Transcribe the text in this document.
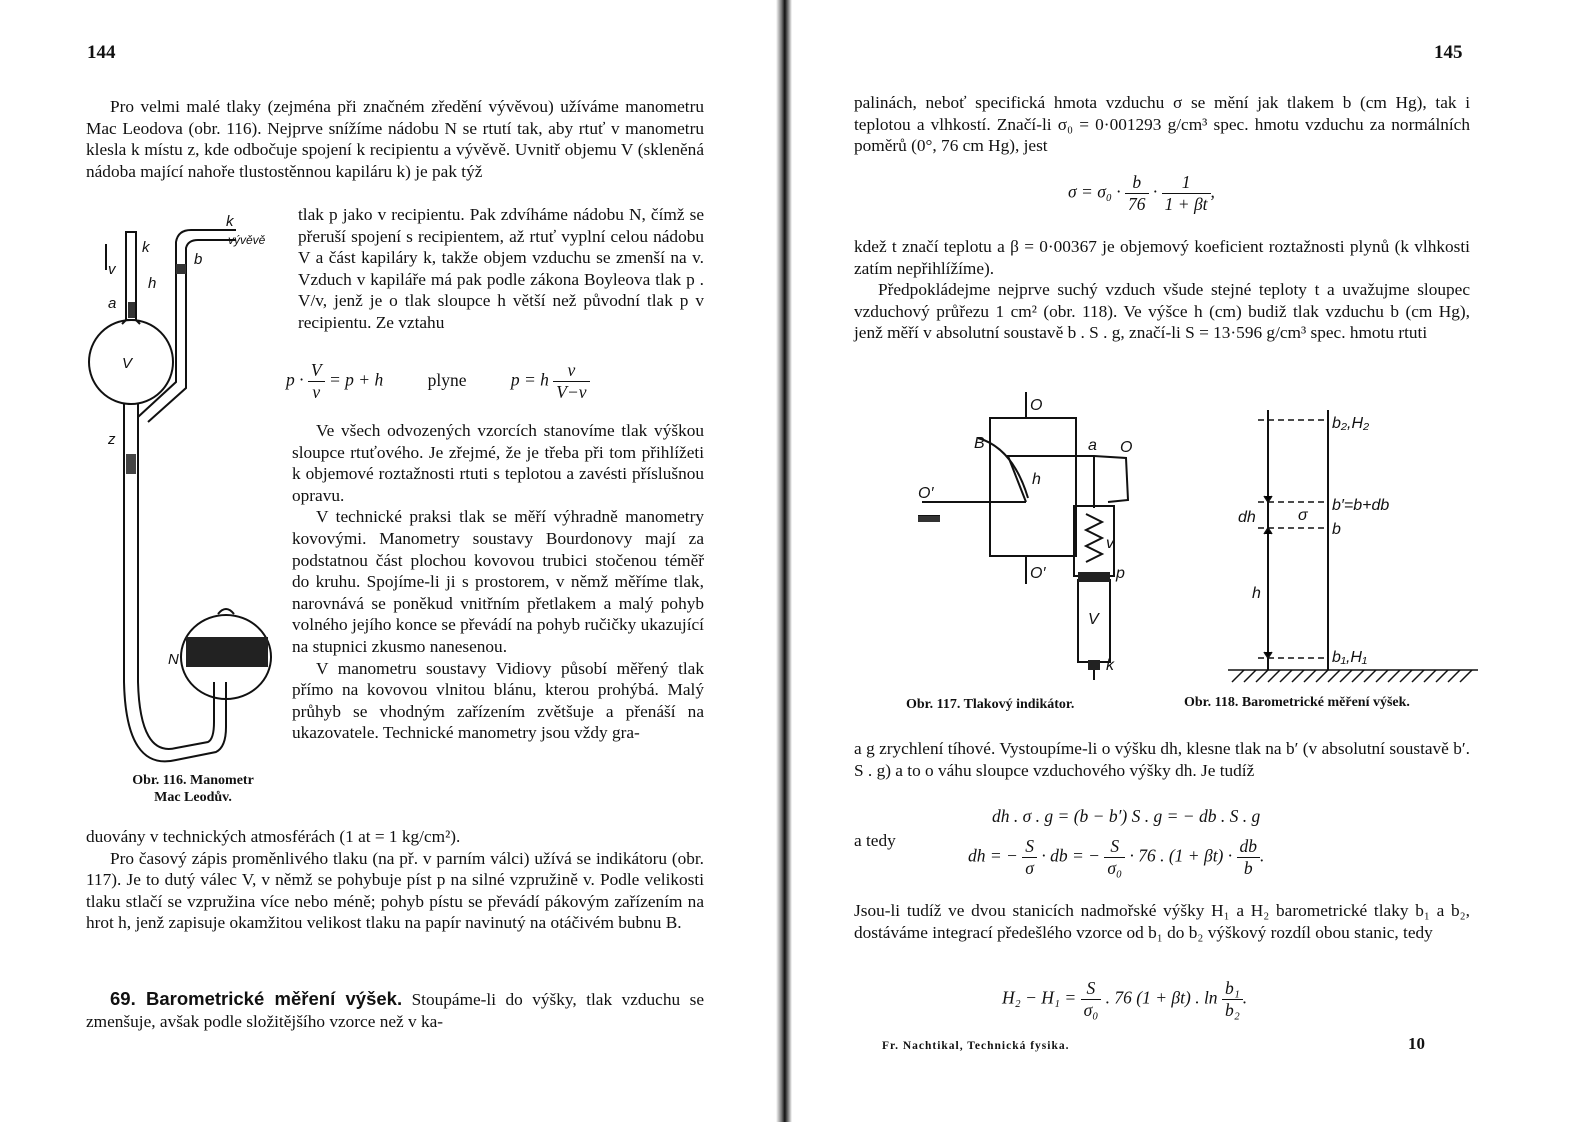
144

Pro velmi malé tlaky (zejména při značném zředění vývěvou) užíváme manometru Mac Leodova (obr. 116). Nejprve snížíme nádobu N se rtutí tak, aby rtuť v manometru klesla k místu z, kde odbočuje spojení k recipientu a vývěvě. Uvnitř objemu V (skleněná nádoba mající nahoře tlustostěnnou kapiláru k) je pak týž

k
vývěvě
k
b
v
h
a
V
z
N

tlak p jako v recipientu. Pak zdvíháme nádobu N, čímž se přeruší spojení s recipientem, až rtuť vyplní celou nádobu V a část kapiláry k, takže objem vzduchu se zmenší na v. Vzduch v kapiláře má pak podle zákona Boyleova tlak p . V/v, jenž je o tlak sloupce h větší než původní tlak p v recipientu. Ze vztahu

$p \cdot \frac{V}{v} = p + h$	plyne	p = h $\frac{v}{V-v}$

Ve všech odvozených vzorcích stanovíme tlak výškou sloupce rtuťového. Je zřejmé, že je třeba při tom přihlížeti k objemové roztažnosti rtuti s teplotou a zavésti příslušnou opravu.

V technické praksi tlak se měří výhradně manometry kovovými. Manometry soustavy Bourdonovy mají za podstatnou část plochou kovovou trubici stočenou téměř do kruhu. Spojíme-li ji s prostorem, v němž měříme tlak, narovnává se poněkud vnitřním přetlakem a malý pohyb volného jejího konce se převádí na pohyb ručičky ukazující na stupnici zkusmo nanesenou.

V manometru soustavy Vidiovy působí měřený tlak přímo na kovovou vlnitou blánu, kterou prohýbá. Malý průhyb se vhodným zařízením zvětšuje a přenáší na ukazovatele. Technické manometry jsou vždy gra-

Obr. 116. Manometr
Mac Leodův.

duovány v technických atmosférách (1 at = 1 kg/cm²).

Pro časový zápis proměnlivého tlaku (na př. v parním válci) užívá se indikátoru (obr. 117). Je to dutý válec V, v němž se pohybuje píst p na silné vzpružině v. Podle velikosti tlaku stlačí se vzpružina více nebo méně; pohyb pístu se převádí pákovým zařízením na hrot h, jenž zapisuje okamžitou velikost tlaku na papír navinutý na otáčivém bubnu B.

69. Barometrické měření výšek. Stoupáme-li do výšky, tlak vzduchu se zmenšuje, avšak podle složitějšího vzorce než v ka-

145

palinách, neboť specifická hmota vzduchu σ se mění jak tlakem b (cm Hg), tak i teplotou a vlhkostí. Značí-li σ₀ = 0·001293 g/cm³ spec. hmotu vzduchu za normálních poměrů (0°, 76 cm Hg), jest

$\sigma = \sigma_0 \cdot \frac{b}{76} \cdot \frac{1}{1 + \beta t}$ ,

kdež t značí teplotu a β = 0·00367 je objemový koeficient roztažnosti plynů (k vlhkosti zatím nepřihlížíme).

Předpokládejme nejprve suchý vzduch všude stejné teploty t a uvažujme sloupec vzduchový průřezu 1 cm² (obr. 118). Ve výšce h (cm) budiž tlak vzduchu b (cm Hg), jenž měří v absolutní soustavě b . S . g, značí-li S = 13·596 g/cm³ spec. hmotu rtuti

O
B	a O
h
O′
O′
v
p
V
k
b₂,H₂
b′=b+db
dh	σ
b
h
b₁,H₁
Obr. 117. Tlakový indikátor.	Obr. 118. Barometrické měření výšek.

a g zrychlení tíhové. Vystoupíme-li o výšku dh, klesne tlak na b′ (v absolutní soustavě b′. S . g) a to o váhu sloupce vzduchového výšky dh. Je tudíž

dh . σ . g = (b − b′) S . g = − db . S . g
a tedy
dh = − $\frac{S}{\sigma}$ · db = − $\frac{S}{\text{σ₀}} \cdot 76$ . $(1 + \beta t) \cdot \frac{db}{b}$ .

Jsou-li tudíž ve dvou stanicích nadmořské výšky H₁ a H₂ barometrické tlaky b₁ a b₂, dostáváme integrací předešlého vzorce od b₁ do b₂ výškový rozdíl obou stanic, tedy

$H_2 - H_1 = \frac{S}{\text{σ₀}}$ . 76 (1 + βt) . $\ln \frac{\text{b₁}}{\text{b₂}}$ .
Fr. Nachtikal, Technická fysika.	10
